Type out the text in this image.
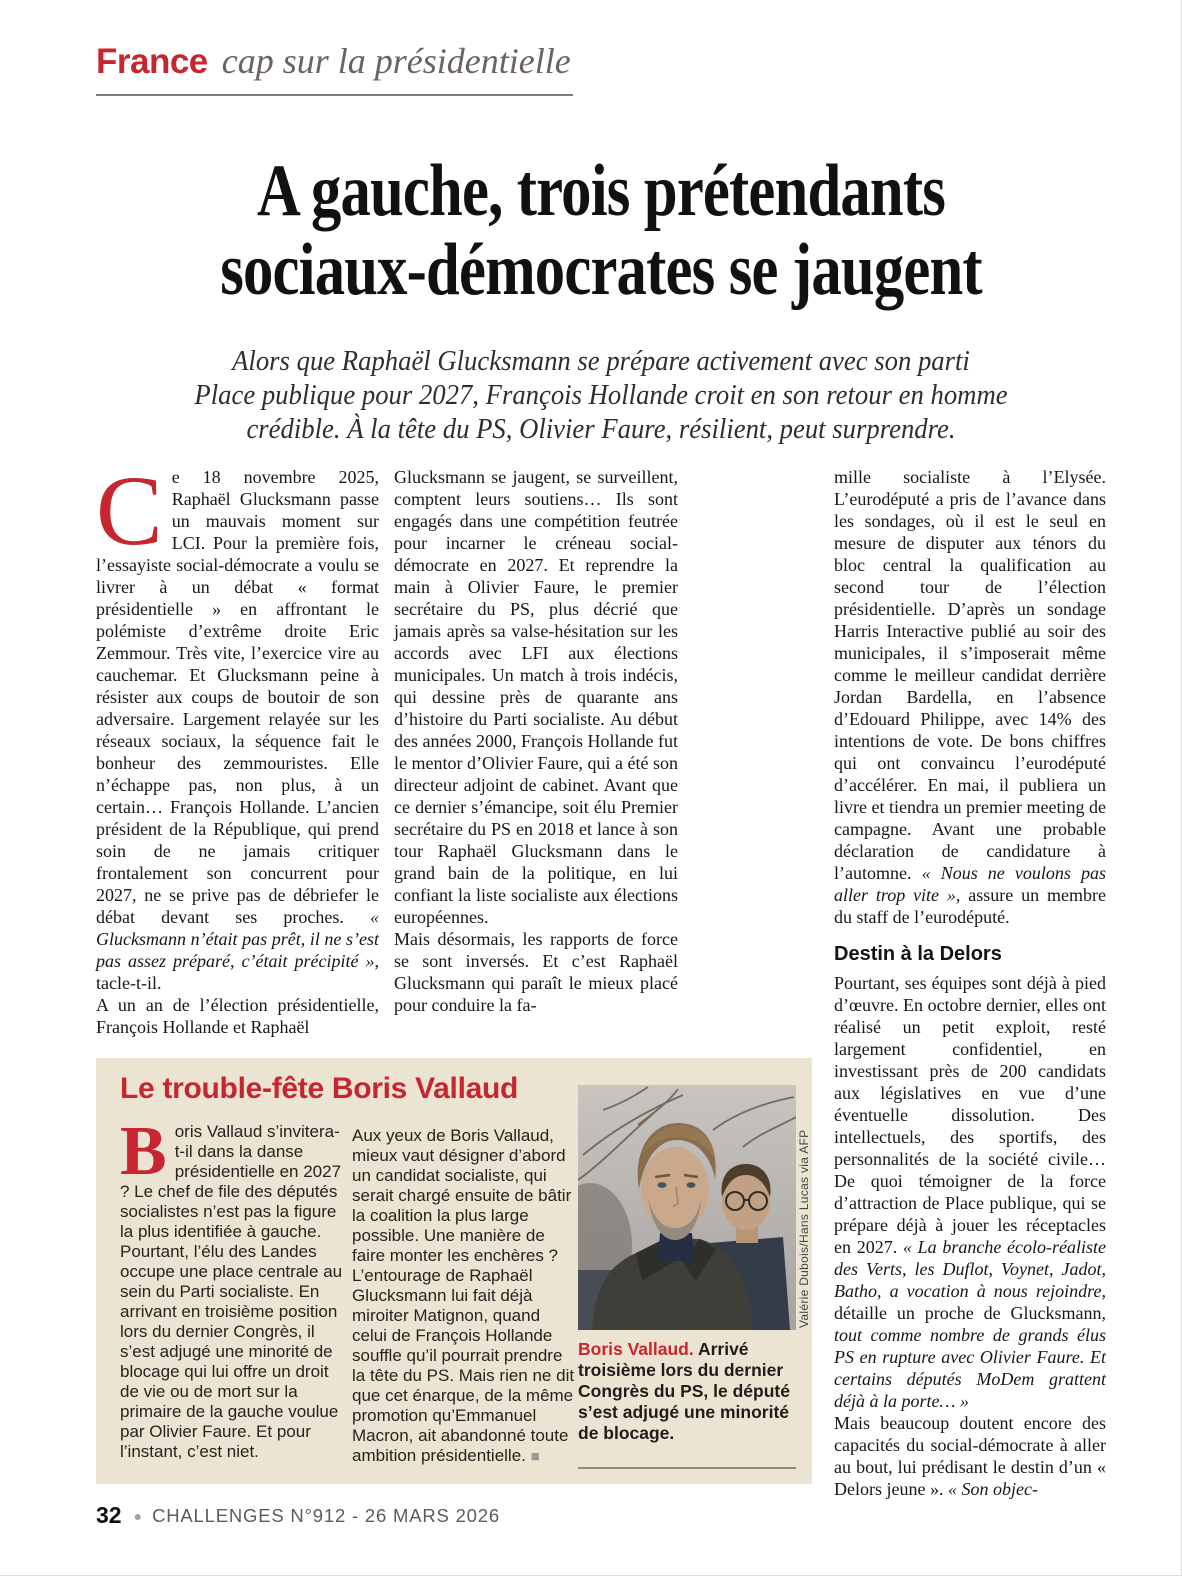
France cap sur la présidentielle
A gauche, trois prétendants
sociaux-démocrates se jaugent

Alors que Raphaël Glucksmann se prépare activement avec son parti
Place publique pour 2027, François Hollande croit en son retour en homme
crédible. À la tête du PS, Olivier Faure, résilient, peut surprendre.

Ce 18 novembre 2025, Raphaël Glucksmann passe un mauvais moment sur LCI. Pour la première fois, l’essayiste social-démocrate a voulu se livrer à un débat « format présidentielle » en affrontant le polémiste d’extrême droite Eric Zemmour. Très vite, l’exercice vire au cauchemar. Et Glucksmann peine à résister aux coups de boutoir de son adversaire. Largement relayée sur les réseaux sociaux, la séquence fait le bonheur des zemmouristes. Elle n’échappe pas, non plus, à un certain… François Hollande. L’ancien président de la République, qui prend soin de ne jamais critiquer frontalement son concurrent pour 2027, ne se prive pas de débriefer le débat devant ses proches. « Glucksmann n’était pas prêt, il ne s’est pas assez préparé, c’était précipité », tacle-t-il.

A un an de l’élection présidentielle, François Hollande et Raphaël

Glucksmann se jaugent, se surveillent, comptent leurs soutiens… Ils sont engagés dans une compétition feutrée pour incarner le créneau social-démocrate en 2027. Et reprendre la main à Olivier Faure, le premier secrétaire du PS, plus décrié que jamais après sa valse-hésitation sur les accords avec LFI aux élections municipales. Un match à trois indécis, qui dessine près de quarante ans d’histoire du Parti socialiste. Au début des années 2000, François Hollande fut le mentor d’Olivier Faure, qui a été son directeur adjoint de cabinet. Avant que ce dernier s’émancipe, soit élu Premier secrétaire du PS en 2018 et lance à son tour Raphaël Glucksmann dans le grand bain de la politique, en lui confiant la liste socialiste aux élections européennes.

Mais désormais, les rapports de force se sont inversés. Et c’est Raphaël Glucksmann qui paraît le mieux placé pour conduire la fa-

mille socialiste à l’Elysée. L’eurodéputé a pris de l’avance dans les sondages, où il est le seul en mesure de disputer aux ténors du bloc central la qualification au second tour de l’élection présidentielle. D’après un sondage Harris Interactive publié au soir des municipales, il s’imposerait même comme le meilleur candidat derrière Jordan Bardella, en l’absence d’Edouard Philippe, avec 14% des intentions de vote. De bons chiffres qui ont convaincu l’eurodéputé d’accélérer. En mai, il publiera un livre et tiendra un premier meeting de campagne. Avant une probable déclaration de candidature à l’automne. « Nous ne voulons pas aller trop vite », assure un membre du staff de l’eurodéputé.

Destin à la Delors

Pourtant, ses équipes sont déjà à pied d’œuvre. En octobre dernier, elles ont réalisé un petit exploit, resté largement confidentiel, en investissant près de 200 candidats aux législatives en vue d’une éventuelle dissolution. Des intellectuels, des sportifs, des personnalités de la société civile… De quoi témoigner de la force d’attraction de Place publique, qui se prépare déjà à jouer les réceptacles en 2027. « La branche écolo-réaliste des Verts, les Duflot, Voynet, Jadot, Batho, a vocation à nous rejoindre, détaille un proche de Glucksmann, tout comme nombre de grands élus PS en rupture avec Olivier Faure. Et certains députés MoDem grattent déjà à la porte… »

Mais beaucoup doutent encore des capacités du social-démocrate à aller au bout, lui prédisant le destin d’un « Delors jeune ». « Son objec-

Le trouble-fête Boris Vallaud

Boris Vallaud s’invitera-t-il dans la danse présidentielle en 2027 ? Le chef de file des députés socialistes n’est pas la figure la plus identifiée à gauche. Pourtant, l’élu des Landes occupe une place centrale au sein du Parti socialiste. En arrivant en troisième position lors du dernier Congrès, il s’est adjugé une minorité de blocage qui lui offre un droit de vie ou de mort sur la primaire de la gauche voulue par Olivier Faure. Et pour l’instant, c’est niet.

Aux yeux de Boris Vallaud, mieux vaut désigner d’abord un candidat socialiste, qui serait chargé ensuite de bâtir la coalition la plus large possible. Une manière de faire monter les enchères ? L’entourage de Raphaël Glucksmann lui fait déjà miroiter Matignon, quand celui de François Hollande souffle qu’il pourrait prendre la tête du PS. Mais rien ne dit que cet énarque, de la même promotion qu’Emmanuel Macron, ait abandonné toute ambition présidentielle. ■

Valérie Dubois/Hans Lucas via AFP
Boris Vallaud. Arrivé troisième lors du dernier Congrès du PS, le député s’est adjugé une minorité de blocage.
32 ● CHALLENGES N°912 - 26 MARS 2026
